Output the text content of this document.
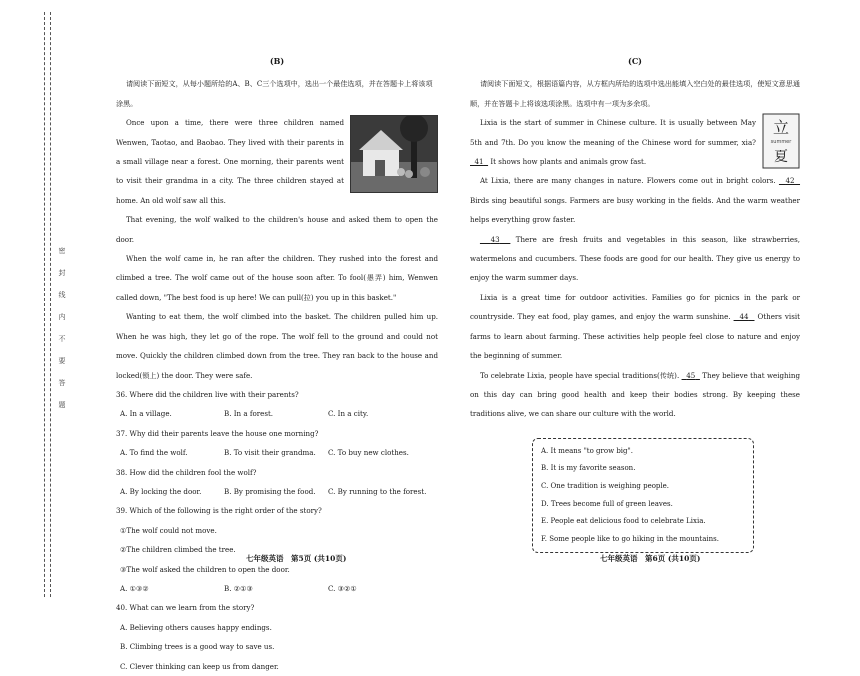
密封线内不要答题
(B)

请阅读下面短文，从每小题所给的A、B、C三个选项中，选出一个最佳选项，并在答题卡上将该项涂黑。

Once upon a time, there were three children named Wenwen, Taotao, and Baobao. They lived with their parents in a small village near a forest. One morning, their parents went to visit their grandma in a city. The three children stayed at home. An old wolf saw all this.

That evening, the wolf walked to the children's house and asked them to open the door.

When the wolf came in, he ran after the children. They rushed into the forest and climbed a tree. The wolf came out of the house soon after. To fool(愚弄) him, Wenwen called down, "The best food is up here! We can pull(拉) you up in this basket."

Wanting to eat them, the wolf climbed into the basket. The children pulled him up. When he was high, they let go of the rope. The wolf fell to the ground and could not move. Quickly the children climbed down from the tree. They ran back to the house and locked(锁上) the door. They were safe.

36. Where did the children live with their parents?

A. In a village.	B. In a forest.	C. In a city.

37. Why did their parents leave the house one morning?

A. To find the wolf.	B. To visit their grandma.	C. To buy new clothes.

38. How did the children fool the wolf?

A. By locking the door.	B. By promising the food.	C. By running to the forest.

39. Which of the following is the right order of the story?

①The wolf could not move.

②The children climbed the tree.

③The wolf asked the children to open the door.

A. ①③②	B. ②①③	C. ③②①

40. What can we learn from the story?

A. Believing others causes happy endings.

B. Climbing trees is a good way to save us.

C. Clever thinking can keep us from danger.

(C)

请阅读下面短文，根据语篇内容，从方框内所给的选项中选出能填入空白处的最佳选项，使短文意思通顺，并在答题卡上将该选项涂黑。选项中有一项为多余项。

立
summer
夏

Lixia is the start of summer in Chinese culture. It is usually between May 5th and 7th. Do you know the meaning of the Chinese word for summer, xia?   41 It shows how plants and animals grow fast.

At Lixia, there are many changes in nature. Flowers come out in bright colors. 42   Birds sing beautiful songs. Farmers are busy working in the fields. And the warm weather helps everything grow faster.

43 There are fresh fruits and vegetables in this season, like strawberries, watermelons and cucumbers. These foods are good for our health. They give us energy to enjoy the warm summer days.

Lixia is a great time for outdoor activities. Families go for picnics in the park or countryside. They eat food, play games, and enjoy the warm sunshine. 44 Others visit farms to learn about farming. These activities help people feel close to nature and enjoy the beginning of summer.

To celebrate Lixia, people have special traditions(传统). 45 They believe that weighing on this day can bring good health and keep their bodies strong. By keeping these traditions alive, we can share our culture with the world.

A. It means "to grow big".
B. It is my favorite season.
C. One tradition is weighing people.
D. Trees become full of green leaves.
E. People eat delicious food to celebrate Lixia.
F. Some people like to go hiking in the mountains.
七年级英语　第5页 (共10页)	七年级英语　第6页 (共10页)
